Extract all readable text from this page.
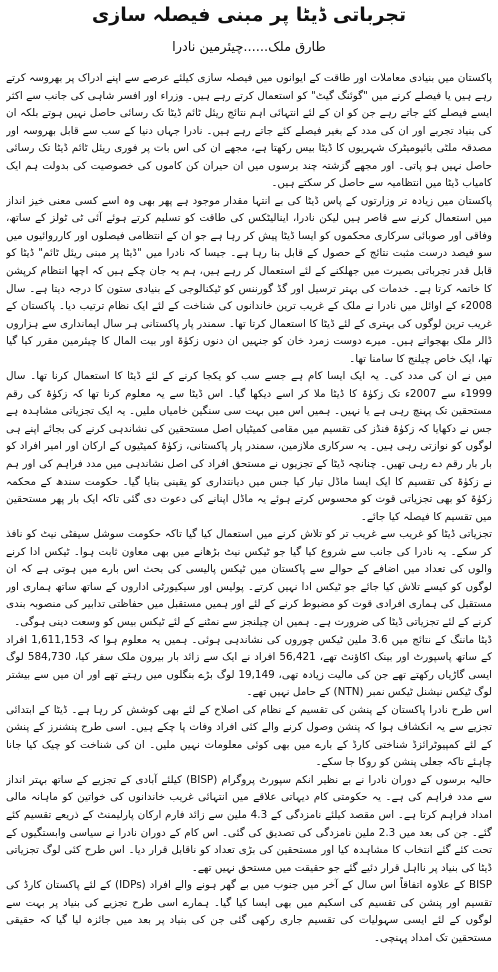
تجرباتی ڈیٹا پر مبنی فیصلہ سازی
طارق ملک......چیئرمین نادرا

پاکستان میں بنیادی معاملات اور طاقت کے ایوانوں میں فیصلہ سازی کیلئے عرصے سے اپنے ادراک پر بھروسہ کرتے رہے ہیں یا فیصلے کرنے میں "گوئنگ گیٹ" کو استعمال کرتے رہے ہیں۔ وزراء اور افسر شاہی کی جانب سے اکثر ایسے فیصلے کئے جاتے رہے جن کو ان کے لئے انتہائی اہم نتائج ریئل ٹائم ڈیٹا تک رسائی حاصل نہیں ہوتے بلکہ ان کی بنیاد تجربے اور ان کی مدد کے بغیر فیصلے کئے جاتے رہے ہیں۔ نادرا جہاں دنیا کے سب سے قابل بھروسہ اور مصدقہ ملٹی بائیومیٹرک شہریوں کا ڈیٹا بیس رکھتا ہے، مجھے ان کی اس بات پر فوری ریئل ٹائم ڈیٹا تک رسائی حاصل نہیں ہو پاتی۔ اور مجھے گزشتہ چند برسوں میں ان حیران کن کاموں کی خصوصیت کی بدولت ہم ایک کامیاب ڈیٹا میں انتظامیہ سے حاصل کر سکتے ہیں۔

پاکستان میں زیادہ تر وزارتوں کے پاس ڈیٹا کی بے انتہا مقدار موجود ہے پھر بھی وہ اسے کسی معنی خیز انداز میں استعمال کرنے سے قاصر ہیں لیکن نادرا، اینالیٹکس کی طاقت کو تسلیم کرتے ہوئے آئی ٹی ٹولز کے ساتھ، وفاقی اور صوبائی سرکاری محکموں کو ایسا ڈیٹا پیش کر رہا ہے جو ان کے انتظامی فیصلوں اور کارروائیوں میں سو فیصد درست مثبت نتائج کے حصول کے قابل بنا رہا ہے۔ جیسا کہ نادرا میں "ڈیٹا پر مبنی ریئل ٹائم" ڈیٹا کو قابل قدر تجرباتی بصیرت میں جھلکنے کے لئے استعمال کر رہے ہیں، ہم یہ جان چکے ہیں کہ اچھا انتظام کرپشن کا خاتمہ کرتا ہے۔ خدمات کی بہتر ترسیل اور گڈ گورننس کو ٹیکنالوجی کے بنیادی ستون کا درجہ دیتا ہے۔ سال 2008ء کے اوائل میں نادرا نے ملک کے غریب ترین خاندانوں کی شناخت کے لئے ایک نظام ترتیب دیا۔ پاکستان کے غریب ترین لوگوں کی بہتری کے لئے ڈیٹا کا استعمال کرتا تھا۔ سمندر پار پاکستانی ہر سال ایمانداری سے ہزاروں ڈالر ملک بھجواتے ہیں۔ میرے دوست زمرد خان کو جنہیں ان دنوں زکوٰۃ اور بیت المال کا چیئرمین مقرر کیا گیا تھا، ایک خاص چیلنج کا سامنا تھا۔

میں نے ان کی مدد کی۔ یہ ایک ایسا کام ہے جسے سب کو یکجا کرنے کے لئے ڈیٹا کا استعمال کرنا تھا۔ سال 1999ء سے 2007ء تک زکوٰۃ کا ڈیٹا ملا کر اسے دیکھا گیا۔ اس ڈیٹا سے یہ معلوم کرنا تھا کہ زکوٰۃ کی رقم مستحقین تک پہنچ رہی ہے یا نہیں۔ ہمیں اس میں بہت سی سنگین خامیاں ملیں۔ یہ ایک تجزیاتی مشاہدہ ہے جس نے دکھایا کہ زکوٰۃ فنڈز کی تقسیم میں مقامی کمیٹیاں اصل مستحقین کی نشاندہی کرنے کی بجائے اپنے ہی لوگوں کو نوازتی رہی ہیں۔ یہ سرکاری ملازمین، سمندر پار پاکستانی، زکوٰۃ کمیٹیوں کے ارکان اور امیر افراد کو بار بار رقم دے رہی تھیں۔ چنانچہ ڈیٹا کے تجزیوں نے مستحق افراد کی اصل نشاندہی میں مدد فراہم کی اور ہم نے زکوٰۃ کی تقسیم کا ایک ایسا ماڈل تیار کیا جس میں دیانتداری کو یقینی بنایا گیا۔ حکومت سندھ کے محکمہ زکوٰۃ کو بھی تجزیاتی قوت کو محسوس کرتے ہوئے یہ ماڈل اپنانے کی دعوت دی گئی تاکہ ایک بار پھر مستحقین میں تقسیم کا فیصلہ کیا جائے۔

تجزیاتی ڈیٹا کو غریب سے غریب تر کو تلاش کرنے میں استعمال کیا گیا تاکہ حکومت سوشل سیفٹی نیٹ کو نافذ کر سکے۔ یہ نادرا کی جانب سے شروع کیا گیا جو ٹیکس نیٹ بڑھانے میں بھی معاون ثابت ہوا۔ ٹیکس ادا کرنے والوں کی تعداد میں اضافے کے حوالے سے پاکستان میں ٹیکس پالیسی کی بحث اس بارے میں ہوتی ہے کہ ان لوگوں کو کیسے تلاش کیا جائے جو ٹیکس ادا نہیں کرتے۔ پولیس اور سیکیورٹی اداروں کے ساتھ ساتھ ہماری اور مستقبل کی ہماری افرادی قوت کو مضبوط کرنے کے لئے اور ہمیں مستقبل میں حفاظتی تدابیر کی منصوبہ بندی کرنے کے لئے تجزیاتی ڈیٹا کی ضرورت ہے۔ ہمیں ان چیلنجز سے نمٹنے کے لئے ٹیکس بیس کو وسعت دینی ہوگی۔

ڈیٹا ماننگ کے نتائج میں 3.6 ملین ٹیکس چوروں کی نشاندہی ہوئی۔ ہمیں یہ معلوم ہوا کہ 1,611,153 افراد کے ساتھ پاسپورٹ اور بینک اکاؤنٹ تھے، 56,421 افراد نے ایک سے زائد بار بیرون ملک سفر کیا، 584,730 لوگ ایسی گاڑیاں رکھتے تھے جن کی مالیت زیادہ تھی، 19,149 لوگ بڑے بنگلوں میں رہتے تھے اور ان میں سے بیشتر لوگ ٹیکس نیشنل ٹیکس نمبر (NTN) کے حامل نہیں تھے۔

اس طرح نادرا پاکستان کے پنشن کی تقسیم کے نظام کی اصلاح کے لئے بھی کوشش کر رہا ہے۔ ڈیٹا کے ابتدائی تجزیے سے یہ انکشاف ہوا کہ پنشن وصول کرنے والے کئی افراد وفات پا چکے ہیں۔ اسی طرح پنشنرز کے پنشن کے لئے کمپیوٹرائزڈ شناختی کارڈ کے بارے میں بھی کوئی معلومات نہیں ملیں۔ ان کی شناخت کو چیک کیا جانا چاہئے تاکہ جعلی پنشن کو روکا جا سکے۔

حالیہ برسوں کے دوران نادرا نے بے نظیر انکم سپورٹ پروگرام (BISP) کیلئے آبادی کے تجزیے کے ساتھ بہتر انداز سے مدد فراہم کی ہے۔ یہ حکومتی کام دیہاتی علاقے میں انتہائی غریب خاندانوں کی خواتین کو ماہانہ مالی امداد فراہم کرتا ہے۔ اس مقصد کیلئے نامزدگی کے 4.3 ملین سے زائد فارم ارکان پارلیمنٹ کے ذریعے تقسیم کئے گئے۔ جن کی بعد میں 2.3 ملین نامزدگی کی تصدیق کی گئی۔ اس کام کے دوران نادرا نے سیاسی وابستگیوں کے تحت کئے گئے انتخاب کا مشاہدہ کیا اور مستحقین کی بڑی تعداد کو ناقابل قرار دیا۔ اس طرح کئی لوگ تجزیاتی ڈیٹا کی بنیاد پر نااہل قرار دئیے گئے جو حقیقت میں مستحق نہیں تھے۔

BISP کے علاوہ اتفاقاً اس سال کے آخر میں جنوب میں بے گھر ہونے والے افراد (IDPs) کے لئے پاکستان کارڈ کی تقسیم اور پنشن کی تقسیم کی اسکیم میں بھی ایسا کیا گیا۔ ہمارے اسی طرح تجزیے کی بنیاد پر بہت سے لوگوں کے لئے ایسی سہولیات کی تقسیم جاری رکھی گئی جن کی بنیاد پر بعد میں جائزہ لیا گیا کہ حقیقی مستحقین تک امداد پہنچی۔
